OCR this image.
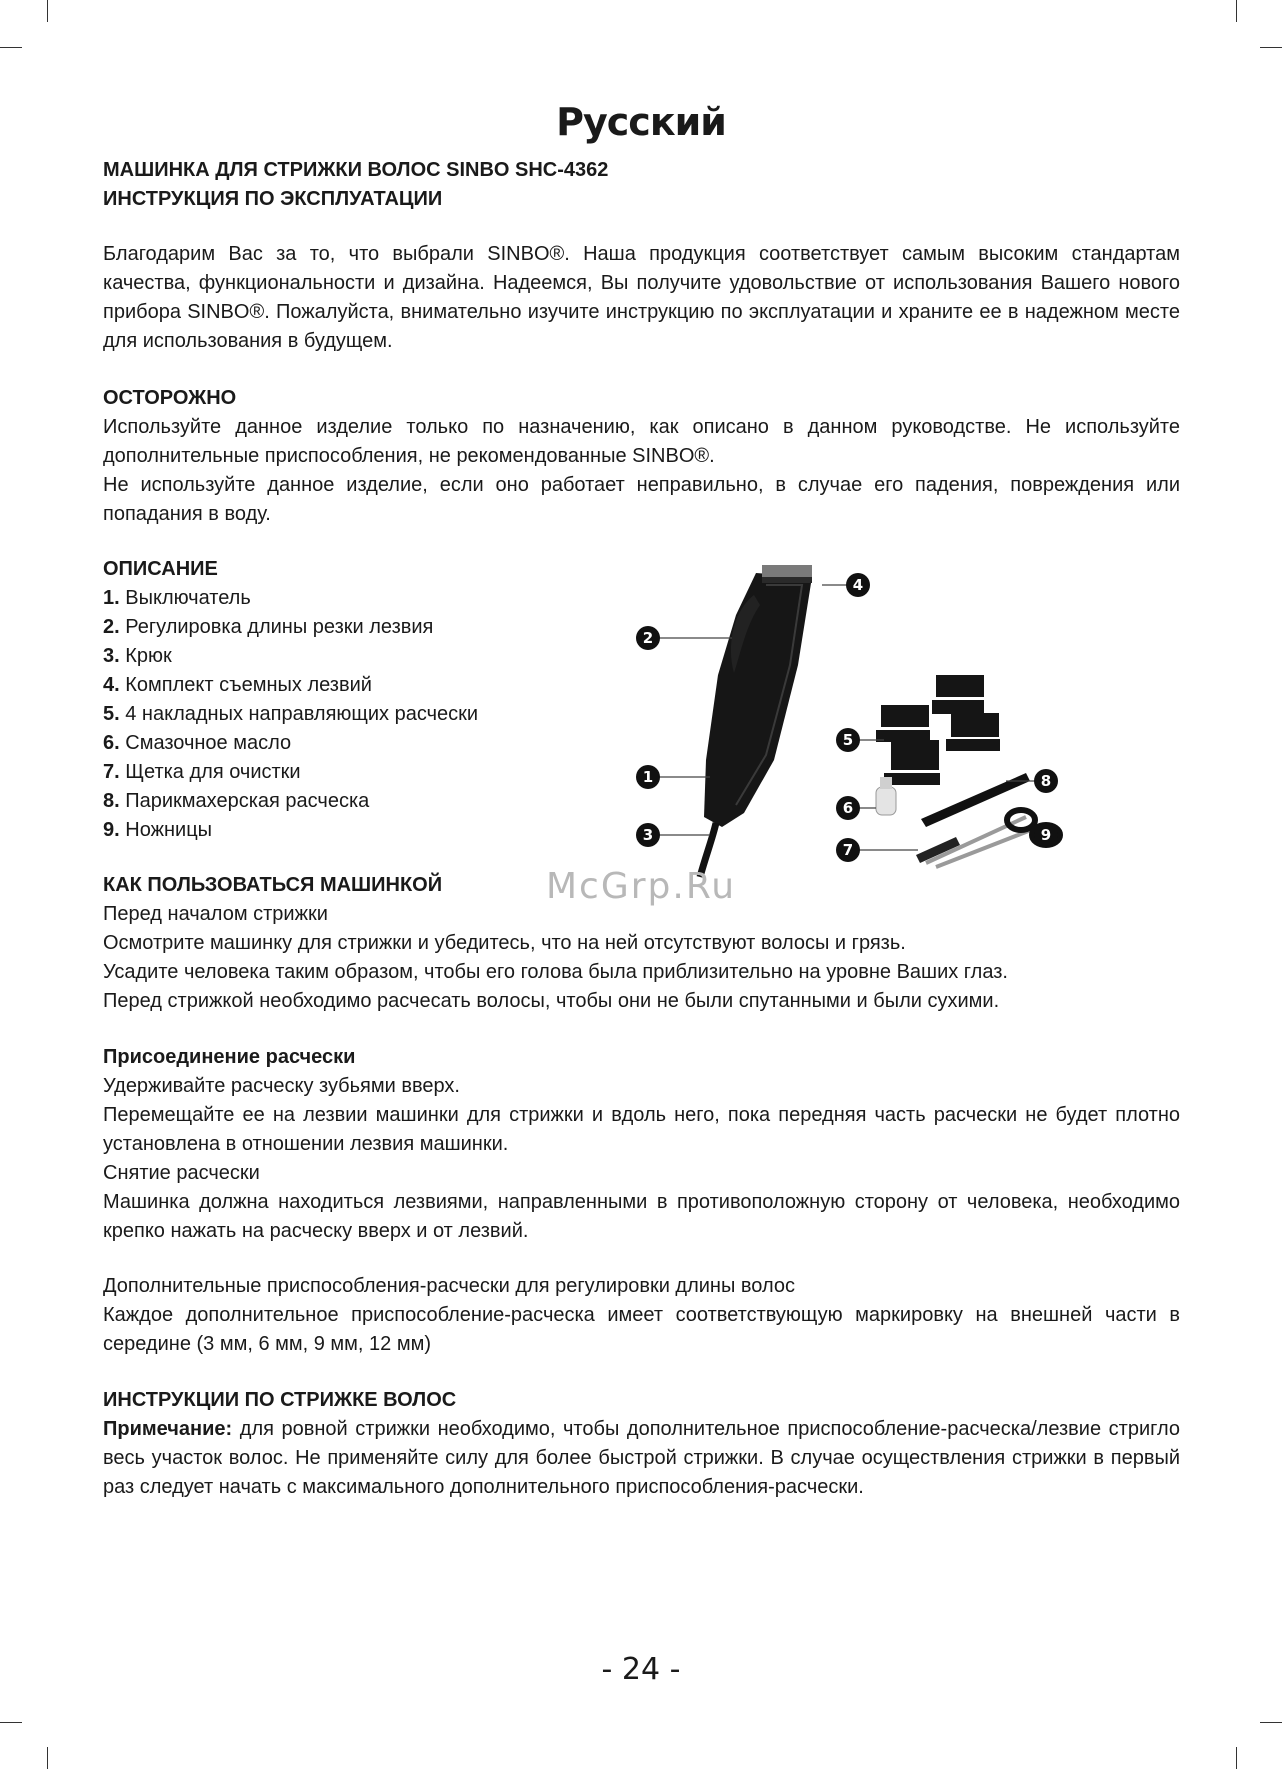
Русский

МАШИНКА ДЛЯ СТРИЖКИ ВОЛОС SINBO SHC-4362

ИНСТРУКЦИЯ ПО ЭКСПЛУАТАЦИИ

Благодарим Вас за то, что выбрали SINBO®. Наша продукция соответствует самым высоким стандартам качества, функциональности и дизайна. Надеемся, Вы получите удовольствие от использования Вашего нового прибора SINBO®. Пожалуйста, внимательно изучите инструкцию по эксплуатации и храните ее в надежном месте для использования в будущем.

ОСТОРОЖНО

Используйте данное изделие только по назначению, как описано в данном руководстве. Не используйте дополнительные приспособления, не рекомендованные SINBO®.

Не используйте данное изделие, если оно работает неправильно, в случае его падения, повреждения или попадания в воду.

ОПИСАНИЕ

1. Выключатель
2. Регулировка длины резки лезвия
3. Крюк
4. Комплект съемных лезвий
5. 4 накладных направляющих расчески
6. Смазочное масло
7. Щетка для очистки
8. Парикмахерская расческа
9. Ножницы
2
4
5
1	8
6
3	9
7
McGrp.Ru

КАК ПОЛЬЗОВАТЬСЯ МАШИНКОЙ

Перед началом стрижки

Осмотрите машинку для стрижки и убедитесь, что на ней отсутствуют волосы и грязь.

Усадите человека таким образом, чтобы его голова была приблизительно на уровне Ваших глаз.

Перед стрижкой необходимо расчесать волосы, чтобы они не были спутанными и были сухими.

Присоединение расчески

Удерживайте расческу зубьями вверх.

Перемещайте ее на лезвии машинки для стрижки и вдоль него, пока передняя часть расчески не будет плотно установлена в отношении лезвия машинки.

Снятие расчески

Машинка должна находиться лезвиями, направленными в противоположную сторону от человека, необходимо крепко нажать на расческу вверх и от лезвий.

Дополнительные приспособления-расчески для регулировки длины волос

Каждое дополнительное приспособление-расческа имеет соответствующую маркировку на внешней части в середине (3 мм, 6 мм, 9 мм, 12 мм)

ИНСТРУКЦИИ ПО СТРИЖКЕ ВОЛОС

Примечание: для ровной стрижки необходимо, чтобы дополнительное приспособление-расческа/лезвие стригло весь участок волос. Не применяйте силу для более быстрой стрижки. В случае осуществления стрижки в первый раз следует начать с максимального дополнительного приспособления-расчески.

- 24 -
